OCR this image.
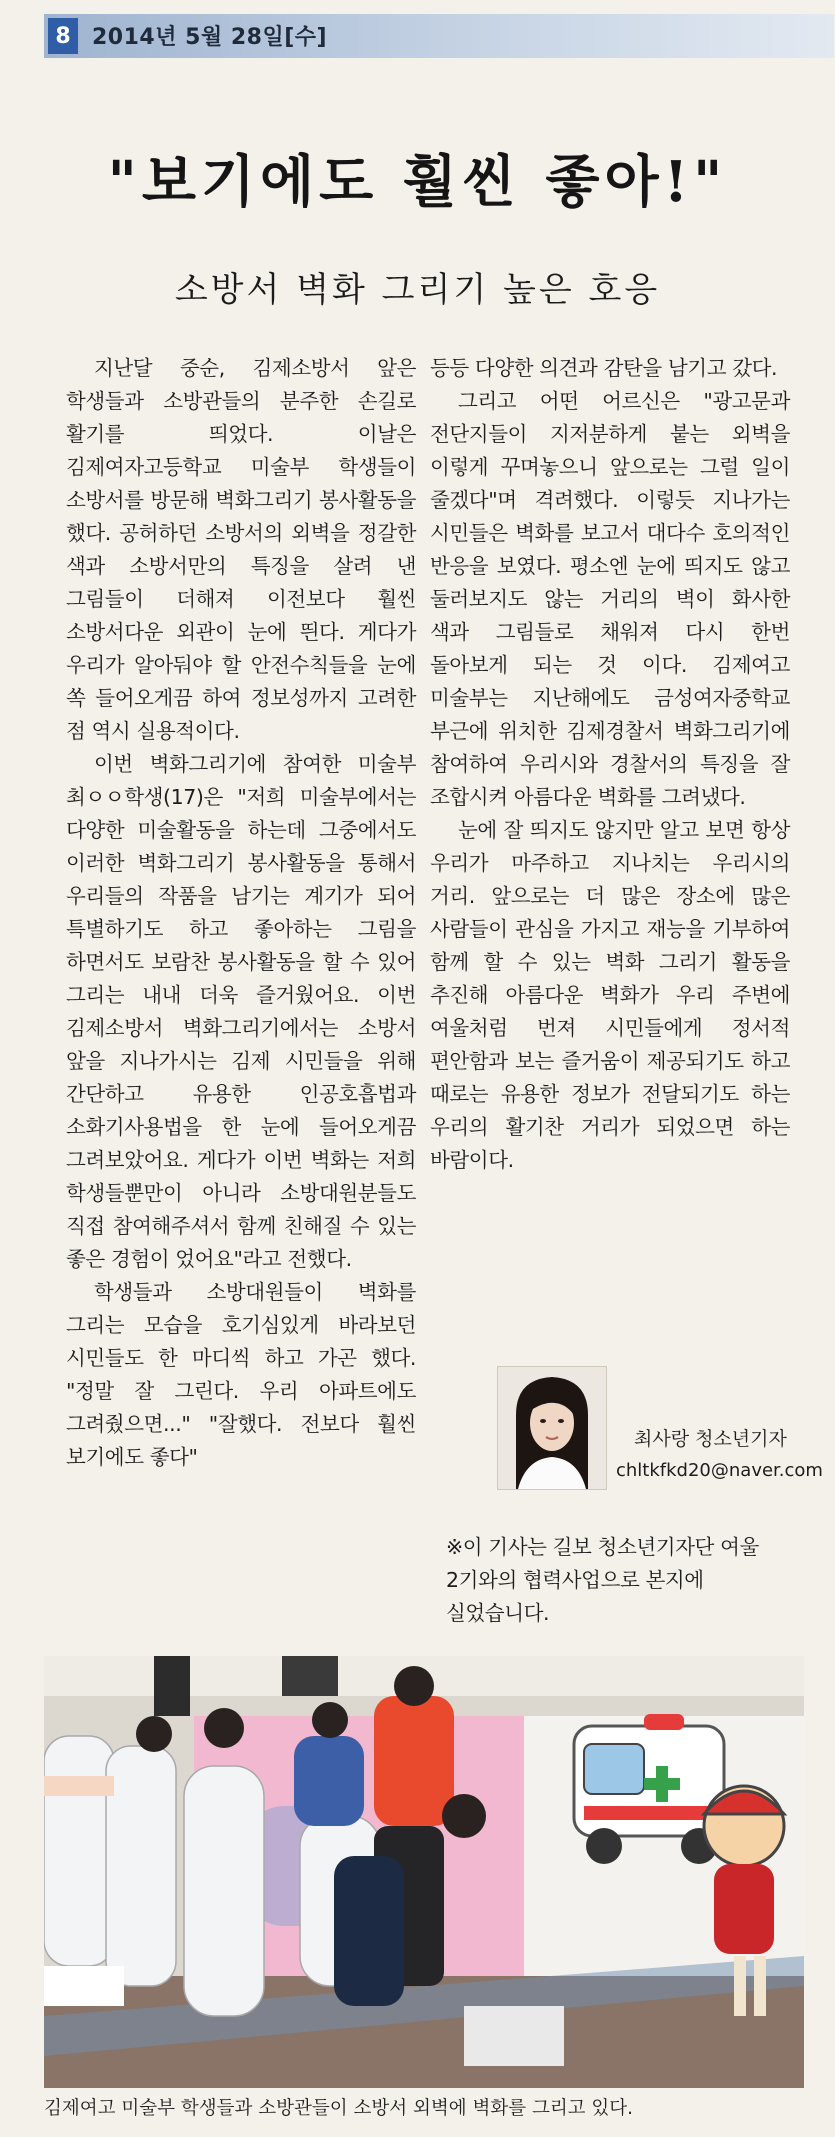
8 2014년 5월 28일[수]
"보기에도 훨씬 좋아!"
소방서 벽화 그리기 높은 호응

지난달 중순, 김제소방서 앞은 학생들과 소방관들의 분주한 손길로 활기를 띄었다. 이날은 김제여자고등학교 미술부 학생들이 소방서를 방문해 벽화그리기 봉사활동을 했다. 공허하던 소방서의 외벽을 정갈한 색과 소방서만의 특징을 살려 낸 그림들이 더해져 이전보다 훨씬 소방서다운 외관이 눈에 띈다. 게다가 우리가 알아둬야 할 안전수칙들을 눈에 쏙 들어오게끔 하여 정보성까지 고려한 점 역시 실용적이다.

이번 벽화그리기에 참여한 미술부 최ㅇㅇ학생(17)은 "저희 미술부에서는 다양한 미술활동을 하는데 그중에서도 이러한 벽화그리기 봉사활동을 통해서 우리들의 작품을 남기는 계기가 되어 특별하기도 하고 좋아하는 그림을 하면서도 보람찬 봉사활동을 할 수 있어 그리는 내내 더욱 즐거웠어요. 이번 김제소방서 벽화그리기에서는 소방서 앞을 지나가시는 김제 시민들을 위해 간단하고 유용한 인공호흡법과 소화기사용법을 한 눈에 들어오게끔 그려보았어요. 게다가 이번 벽화는 저희 학생들뿐만이 아니라 소방대원분들도 직접 참여해주셔서 함께 친해질 수 있는 좋은 경험이 었어요"라고 전했다.

학생들과 소방대원들이 벽화를 그리는 모습을 호기심있게 바라보던 시민들도 한 마디씩 하고 가곤 했다. "정말 잘 그린다. 우리 아파트에도 그려줬으면..." "잘했다. 전보다 훨씬 보기에도 좋다"

등등 다양한 의견과 감탄을 남기고 갔다.

그리고 어떤 어르신은 "광고문과 전단지들이 지저분하게 붙는 외벽을 이렇게 꾸며놓으니 앞으로는 그럴 일이 줄겠다"며 격려했다. 이렇듯 지나가는 시민들은 벽화를 보고서 대다수 호의적인 반응을 보였다. 평소엔 눈에 띄지도 않고 둘러보지도 않는 거리의 벽이 화사한 색과 그림들로 채워져 다시 한번 돌아보게 되는 것 이다. 김제여고 미술부는 지난해에도 금성여자중학교 부근에 위치한 김제경찰서 벽화그리기에 참여하여 우리시와 경찰서의 특징을 잘 조합시켜 아름다운 벽화를 그려냈다.

눈에 잘 띄지도 않지만 알고 보면 항상 우리가 마주하고 지나치는 우리시의 거리. 앞으로는 더 많은 장소에 많은 사람들이 관심을 가지고 재능을 기부하여 함께 할 수 있는 벽화 그리기 활동을 추진해 아름다운 벽화가 우리 주변에 여울처럼 번져 시민들에게 정서적 편안함과 보는 즐거움이 제공되기도 하고 때로는 유용한 정보가 전달되기도 하는 우리의 활기찬 거리가 되었으면 하는 바람이다.

최사랑 청소년기자
chltkfkd20@naver.com
※이 기사는 길보 청소년기자단 여울 2기와의 협력사업으로 본지에 실었습니다.
김제여고 미술부 학생들과 소방관들이 소방서 외벽에 벽화를 그리고 있다.
